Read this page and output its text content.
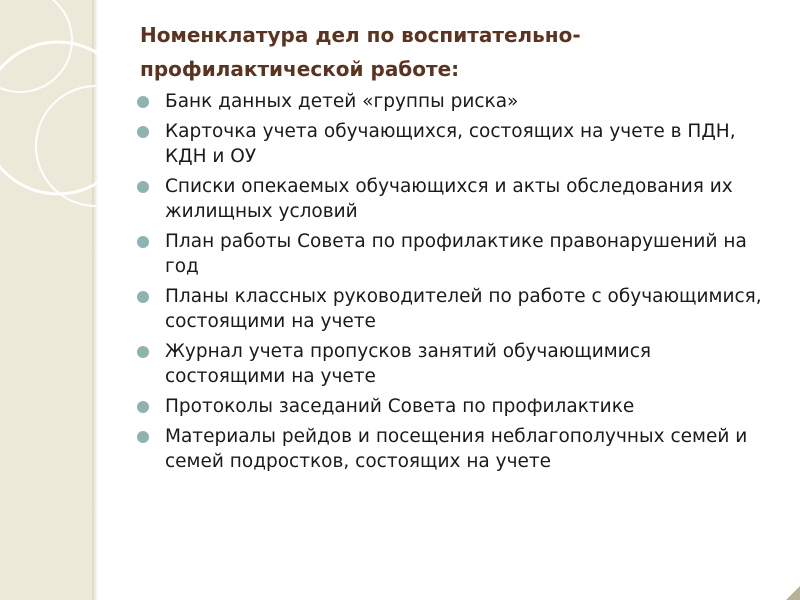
Номенклатура дел по воспитательно-профилактической работе:
Банк данных детей «группы риска»
Карточка учета обучающихся, состоящих на учете в ПДН, КДН и ОУ
Списки опекаемых обучающихся и акты обследования их жилищных условий
План работы Совета по профилактике правонарушений на год
Планы классных руководителей по работе с обучающимися, состоящими на учете
Журнал учета пропусков занятий обучающимися состоящими на учете
Протоколы заседаний Совета по профилактике
Материалы рейдов и посещения неблагополучных семей и семей подростков, состоящих на учете
